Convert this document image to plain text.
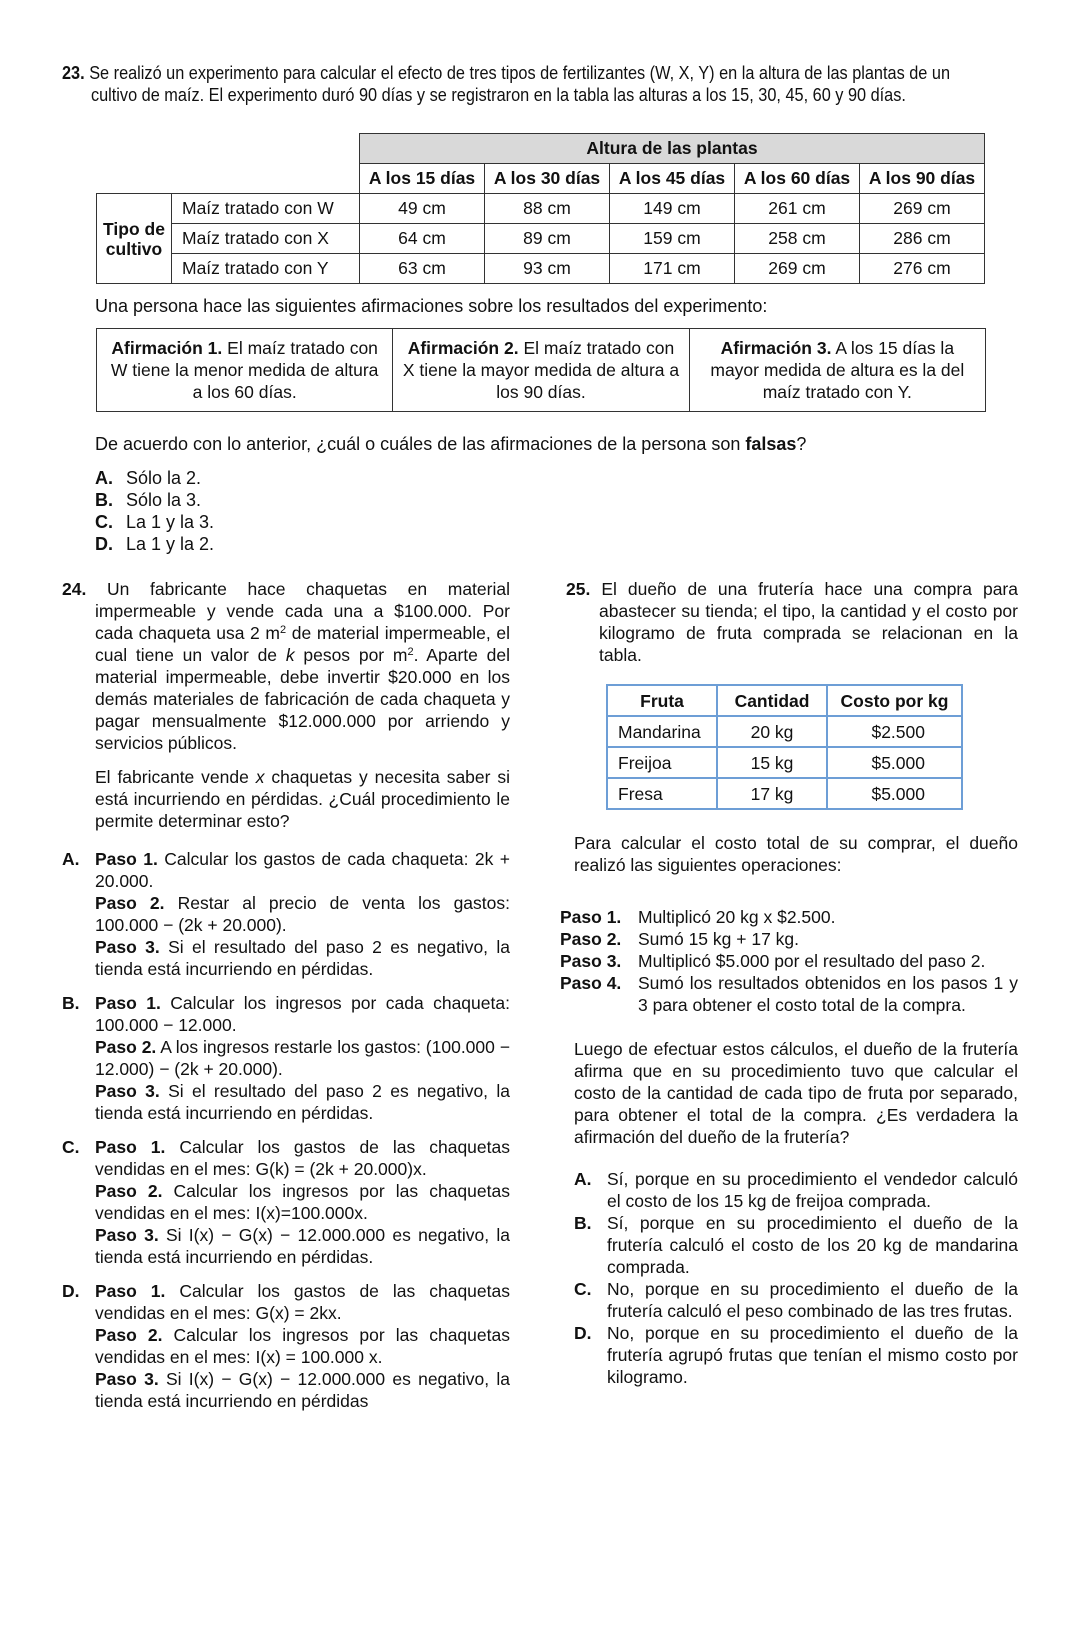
23. Se realizó un experimento para calcular el efecto de tres tipos de fertilizantes (W, X, Y) en la altura de las plantas de un cultivo de maíz. El experimento duró 90 días y se registraron en la tabla las alturas a los 15, 30, 45, 60 y 90 días.

		Altura de las plantas				
		A los 15 días	A los 30 días	A los 45 días	A los 60 días	A los 90 días
Tipo de cultivo	Maíz tratado con W	49 cm	88 cm	149 cm	261 cm	269 cm
	Maíz tratado con X	64 cm	89 cm	159 cm	258 cm	286 cm
	Maíz tratado con Y	63 cm	93 cm	171 cm	269 cm	276 cm
Una persona hace las siguientes afirmaciones sobre los resultados del experimento:
Afirmación 1. El maíz tratado con W tiene la menor medida de altura a los 60 días.	Afirmación 2. El maíz tratado con X tiene la mayor medida de altura a los 90 días.	Afirmación 3. A los 15 días la mayor medida de altura es la del maíz tratado con Y.
De acuerdo con lo anterior, ¿cuál o cuáles de las afirmaciones de la persona son falsas?
A. Sólo la 2.
B. Sólo la 3.
C. La 1 y la 3.
D. La 1 y la 2.

24. Un fabricante hace chaquetas en material impermeable y vende cada una a $100.000. Por cada chaqueta usa 2 $m^2$ de material impermeable, el cual tiene un valor de k pesos por $m^2$. Aparte del material impermeable, debe invertir $20.000 en los demás materiales de fabricación de cada chaqueta y pagar mensualmente $12.000.000 por arriendo y servicios públicos.

El fabricante vende x chaquetas y necesita saber si está incurriendo en pérdidas. ¿Cuál procedimiento le permite determinar esto?

A. Paso 1. Calcular los gastos de cada chaqueta: 2k + 20.000.

Paso 2. Restar al precio de venta los gastos: 100.000 − (2k + 20.000).

Paso 3. Si el resultado del paso 2 es negativo, la tienda está incurriendo en pérdidas.

B. Paso 1. Calcular los ingresos por cada chaqueta: 100.000 − 12.000.

Paso 2. A los ingresos restarle los gastos: (100.000 − 12.000) − (2k + 20.000).

Paso 3. Si el resultado del paso 2 es negativo, la tienda está incurriendo en pérdidas.

C. Paso 1. Calcular los gastos de las chaquetas vendidas en el mes: G(k) = (2k + 20.000)x.

Paso 2. Calcular los ingresos por las chaquetas vendidas en el mes: I(x)=100.000x.

Paso 3. Si I(x) − G(x) − 12.000.000 es negativo, la tienda está incurriendo en pérdidas.

D. Paso 1. Calcular los gastos de las chaquetas vendidas en el mes: G(x) = 2kx.

Paso 2. Calcular los ingresos por las chaquetas vendidas en el mes: I(x) = 100.000 x.

Paso 3. Si I(x) − G(x) − 12.000.000 es negativo, la tienda está incurriendo en pérdidas

25. El dueño de una frutería hace una compra para abastecer su tienda; el tipo, la cantidad y el costo por kilogramo de fruta comprada se relacionan en la tabla.

Fruta	Cantidad	Costo por kg
Mandarina	20 kg	$2.500
Freijoa	15 kg	$5.000
Fresa	17 kg	$5.000

Para calcular el costo total de su comprar, el dueño realizó las siguientes operaciones:

Paso 1. Multiplicó 20 kg x $2.500.
Paso 2. Sumó 15 kg + 17 kg.
Paso 3. Multiplicó $5.000 por el resultado del paso 2.
Paso 4. Sumó los resultados obtenidos en los pasos 1 y 3 para obtener el costo total de la compra.

Luego de efectuar estos cálculos, el dueño de la frutería afirma que en su procedimiento tuvo que calcular el costo de la cantidad de cada tipo de fruta por separado, para obtener el total de la compra. ¿Es verdadera la afirmación del dueño de la frutería?

A. Sí, porque en su procedimiento el vendedor calculó el costo de los 15 kg de freijoa comprada.
B. Sí, porque en su procedimiento el dueño de la frutería calculó el costo de los 20 kg de mandarina comprada.
C. No, porque en su procedimiento el dueño de la frutería calculó el peso combinado de las tres frutas.
D. No, porque en su procedimiento el dueño de la frutería agrupó frutas que tenían el mismo costo por kilogramo.
